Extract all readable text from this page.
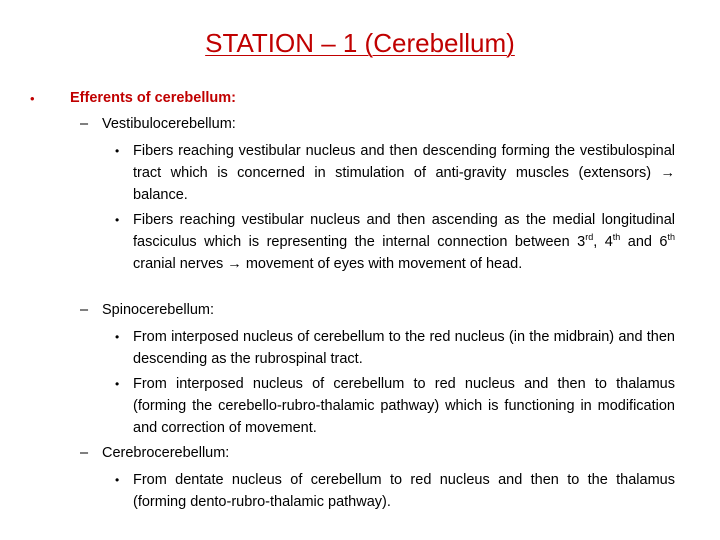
STATION – 1 (Cerebellum)
• Efferents of cerebellum:
– Vestibulocerebellum:
• Fibers reaching vestibular nucleus and then descending forming the vestibulospinal tract which is concerned in stimulation of anti-gravity muscles (extensors) → balance.
• Fibers reaching vestibular nucleus and then ascending as the medial longitudinal fasciculus which is representing the internal connection between 3rd, 4th and 6th cranial nerves → movement of eyes with movement of head.
– Spinocerebellum:
• From interposed nucleus of cerebellum to the red nucleus (in the midbrain) and then descending as the rubrospinal tract.
• From interposed nucleus of cerebellum to red nucleus and then to thalamus (forming the cerebello-rubro-thalamic pathway) which is functioning in modification and correction of movement.
– Cerebrocerebellum:
• From dentate nucleus of cerebellum to red nucleus and then to the thalamus (forming dento-rubro-thalamic pathway).
